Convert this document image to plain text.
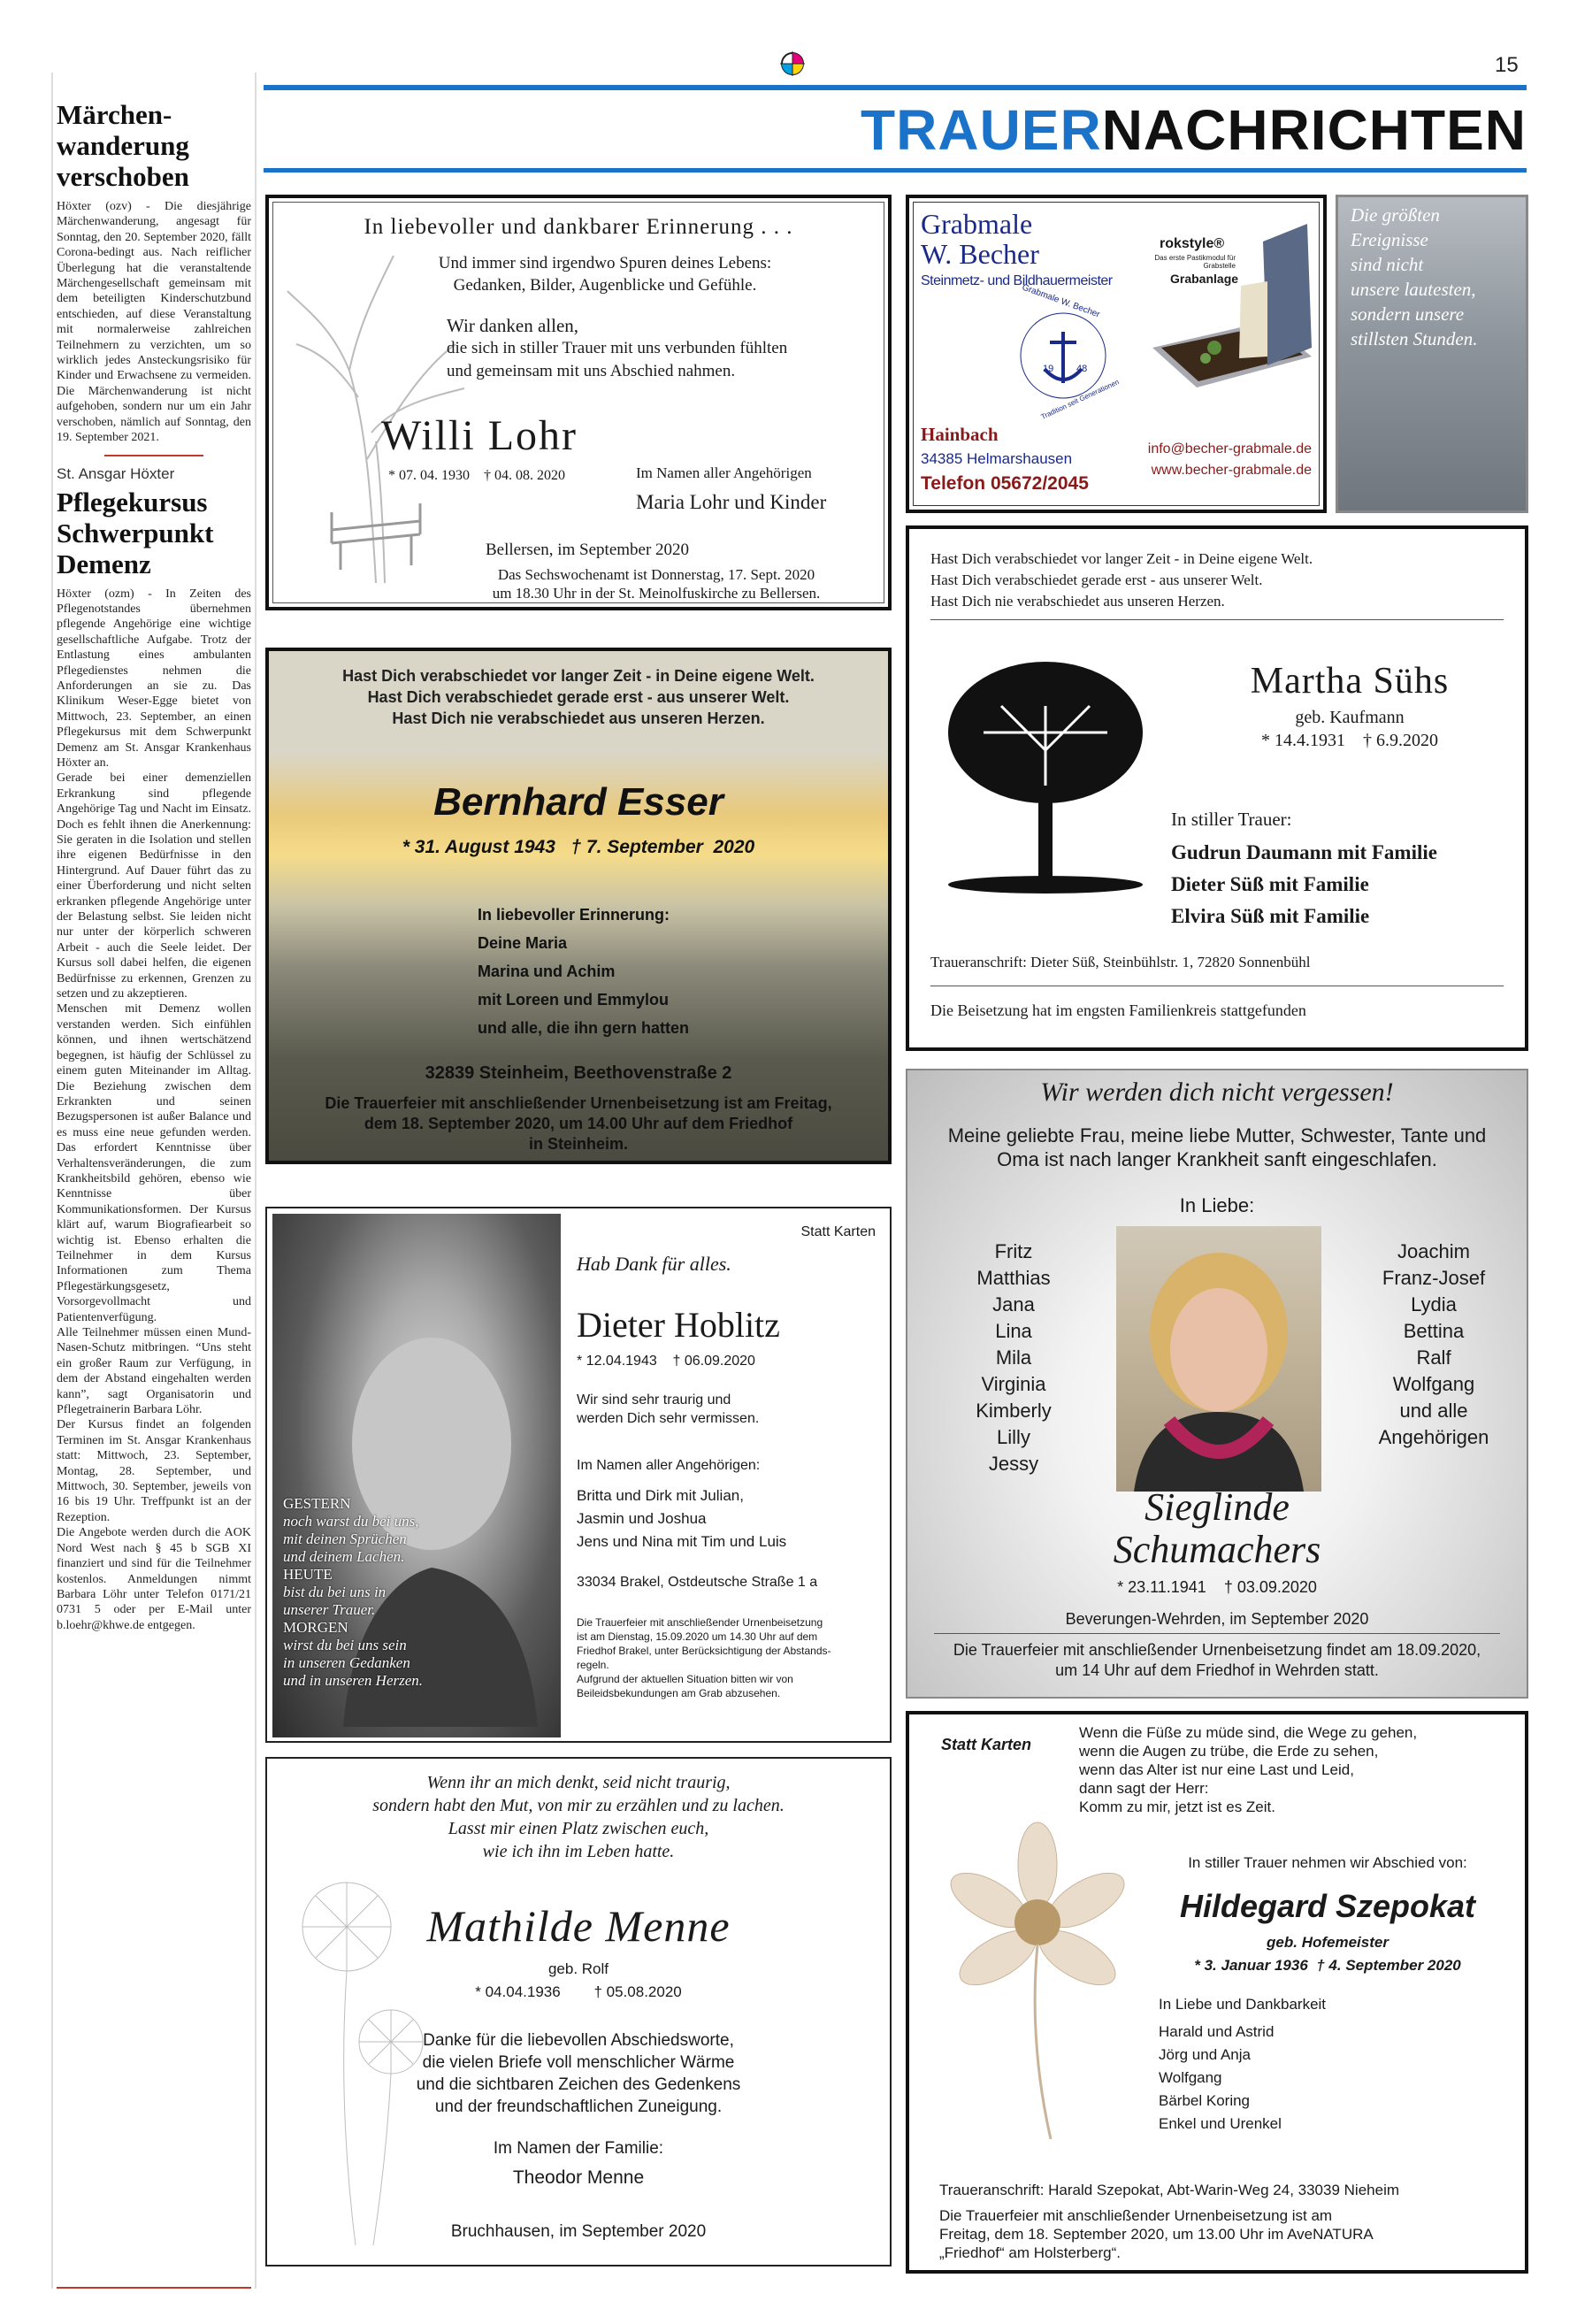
15
TRAUERNACHRICHTEN
Märchen-
wanderung
verschoben

Höxter (ozv) - Die diesjährige Märchenwanderung, angesagt für Sonntag, den 20. September 2020, fällt Corona-bedingt aus. Nach reiflicher Überlegung hat die veranstaltende Märchengesellschaft gemeinsam mit dem beteiligten Kinderschutzbund entschieden, auf diese Veranstaltung mit normalerweise zahlreichen Teilnehmern zu verzichten, um so wirklich jedes Ansteckungsrisiko für Kinder und Erwachsene zu vermeiden. Die Märchenwanderung ist nicht aufgehoben, sondern nur um ein Jahr verschoben, nämlich auf Sonntag, den 19. September 2021.

St. Ansgar Höxter
Pflegekursus
Schwerpunkt
Demenz

Höxter (ozm) - In Zeiten des Pflegenotstandes übernehmen pflegende Angehörige eine wichtige gesellschaftliche Aufgabe. Trotz der Entlastung eines ambulanten Pflegedienstes nehmen die Anforderungen an sie zu. Das Klinikum Weser-Egge bietet von Mittwoch, 23. September, an einen Pflegekursus mit dem Schwerpunkt Demenz am St. Ansgar Krankenhaus Höxter an.

Gerade bei einer demenziellen Erkrankung sind pflegende Angehörige Tag und Nacht im Einsatz. Doch es fehlt ihnen die Anerkennung: Sie geraten in die Isolation und stellen ihre eigenen Bedürfnisse in den Hintergrund. Auf Dauer führt das zu einer Überforderung und nicht selten erkranken pflegende Angehörige unter der Belastung selbst. Sie leiden nicht nur unter der körperlich schweren Arbeit - auch die Seele leidet. Der Kursus soll dabei helfen, die eigenen Bedürfnisse zu erkennen, Grenzen zu setzen und zu akzeptieren.

Menschen mit Demenz wollen verstanden werden. Sich einfühlen können, und ihnen wertschätzend begegnen, ist häufig der Schlüssel zu einem guten Miteinander im Alltag. Die Beziehung zwischen dem Erkrankten und seinen Bezugspersonen ist außer Balance und es muss eine neue gefunden werden. Das erfordert Kenntnisse über Verhaltensveränderungen, die zum Krankheitsbild gehören, ebenso wie Kenntnisse über Kommunikationsformen. Der Kursus klärt auf, warum Biografiearbeit so wichtig ist. Ebenso erhalten die Teilnehmer in dem Kursus Informationen zum Thema Pflegestärkungsgesetz, Vorsorgevollmacht und Patientenverfügung.

Alle Teilnehmer müssen einen Mund-Nasen-Schutz mitbringen. “Uns steht ein großer Raum zur Verfügung, in dem der Abstand eingehalten werden kann”, sagt Organisatorin und Pflegetrainerin Barbara Löhr.

Der Kursus findet an folgenden Terminen im St. Ansgar Krankenhaus statt: Mittwoch, 23. September, Montag, 28. September, und Mittwoch, 30. September, jeweils von 16 bis 19 Uhr. Treffpunkt ist an der Rezeption.

Die Angebote werden durch die AOK Nord West nach § 45 b SGB XI finanziert und sind für die Teilnehmer kostenlos. Anmeldungen nimmt Barbara Löhr unter Telefon 0171/21 0731 5 oder per E-Mail unter b.loehr@khwe.de entgegen.

In liebevoller und dankbarer Erinnerung . . .
Und immer sind irgendwo Spuren deines Lebens:
Gedanken, Bilder, Augenblicke und Gefühle.
Wir danken allen,
die sich in stiller Trauer mit uns verbunden fühlten
und gemeinsam mit uns Abschied nahmen.
Willi Lohr
* 07. 04. 1930    † 04. 08. 2020	Im Namen aller Angehörigen
Maria Lohr und Kinder
Bellersen, im September 2020
Das Sechswochenamt ist Donnerstag, 17. Sept. 2020
um 18.30 Uhr in der St. Meinolfuskirche zu Bellersen.
Grabmale
W. Becher
Steinmetz- und Bildhauermeister
rokstyle®
Das erste Pastikmodul für Grabstelle
Grabanlage
Grabmale W. Becher
19 48
Tradition seit Generationen
Hainbach
34385 Helmarshausen
Telefon 05672/2045
info@becher-grabmale.de
www.becher-grabmale.de
Die größten
Ereignisse
sind nicht
unsere lautesten,
sondern unsere
stillsten Stunden.
Hast Dich verabschiedet vor langer Zeit - in Deine eigene Welt.
Hast Dich verabschiedet gerade erst - aus unserer Welt.
Hast Dich nie verabschiedet aus unseren Herzen.
Bernhard Esser
* 31. August 1943   † 7. September  2020
In liebevoller Erinnerung:
Deine Maria
Marina und Achim
mit Loreen und Emmylou
und alle, die ihn gern hatten
32839 Steinheim, Beethovenstraße 2
Die Trauerfeier mit anschließender Urnenbeisetzung ist am Freitag,
dem 18. September 2020, um 14.00 Uhr auf dem Friedhof
in Steinheim.
Hast Dich verabschiedet vor langer Zeit - in Deine eigene Welt.
Hast Dich verabschiedet gerade erst - aus unserer Welt.
Hast Dich nie verabschiedet aus unseren Herzen.
Martha Sühs
geb. Kaufmann
* 14.4.1931    † 6.9.2020
In stiller Trauer:
Gudrun Daumann mit Familie
Dieter Süß mit Familie
Elvira Süß mit Familie
Traueranschrift: Dieter Süß, Steinbühlstr. 1, 72820 Sonnenbühl
Die Beisetzung hat im engsten Familienkreis stattgefunden
GESTERN
noch warst du bei uns,
mit deinen Sprüchen
und deinem Lachen.
HEUTE
bist du bei uns in
unserer Trauer.
MORGEN
wirst du bei uns sein
in unseren Gedanken
und in unseren Herzen.
Statt Karten
Hab Dank für alles.
Dieter Hoblitz
* 12.04.1943    † 06.09.2020
Wir sind sehr traurig und
werden Dich sehr vermissen.
Im Namen aller Angehörigen:
Britta und Dirk mit Julian,
Jasmin und Joshua
Jens und Nina mit Tim und Luis
33034 Brakel, Ostdeutsche Straße 1 a
Die Trauerfeier mit anschließender Urnenbeisetzung
ist am Dienstag, 15.09.2020 um 14.30 Uhr auf dem
Friedhof Brakel, unter Berücksichtigung der Abstands-
regeln.
Aufgrund der aktuellen Situation bitten wir von
Beileidsbekundungen am Grab abzusehen.
Wir werden dich nicht vergessen!
Meine geliebte Frau, meine liebe Mutter, Schwester, Tante und
Oma ist nach langer Krankheit sanft eingeschlafen.
In Liebe:
Fritz
Matthias
Jana
Lina
Mila
Virginia
Kimberly
Lilly
Jessy
Joachim
Franz-Josef
Lydia
Bettina
Ralf
Wolfgang
und alle
Angehörigen
Sieglinde
Schumachers
* 23.11.1941    † 03.09.2020
Beverungen-Wehrden, im September 2020
Die Trauerfeier mit anschließender Urnenbeisetzung findet am 18.09.2020,
um 14 Uhr auf dem Friedhof in Wehrden statt.
Wenn ihr an mich denkt, seid nicht traurig,
sondern habt den Mut, von mir zu erzählen und zu lachen.
Lasst mir einen Platz zwischen euch,
wie ich ihn im Leben hatte.
Mathilde Menne
geb. Rolf
* 04.04.1936        † 05.08.2020
Danke für die liebevollen Abschiedsworte,
die vielen Briefe voll menschlicher Wärme
und die sichtbaren Zeichen des Gedenkens
und der freundschaftlichen Zuneigung.
Im Namen der Familie:
Theodor Menne
Bruchhausen, im September 2020
Statt Karten
Wenn die Füße zu müde sind, die Wege zu gehen,
wenn die Augen zu trübe, die Erde zu sehen,
wenn das Alter ist nur eine Last und Leid,
dann sagt der Herr:
Komm zu mir, jetzt ist es Zeit.
In stiller Trauer nehmen wir Abschied von:
Hildegard Szepokat
geb. Hofemeister
* 3. Januar 1936  † 4. September 2020
In Liebe und Dankbarkeit
Harald und Astrid
Jörg und Anja
Wolfgang
Bärbel Koring
Enkel und Urenkel
Traueranschrift: Harald Szepokat, Abt-Warin-Weg 24, 33039 Nieheim
Die Trauerfeier mit anschließender Urnenbeisetzung ist am
Freitag, dem 18. September 2020, um 13.00 Uhr im AveNATURA
„Friedhof“ am Holsterberg“.
